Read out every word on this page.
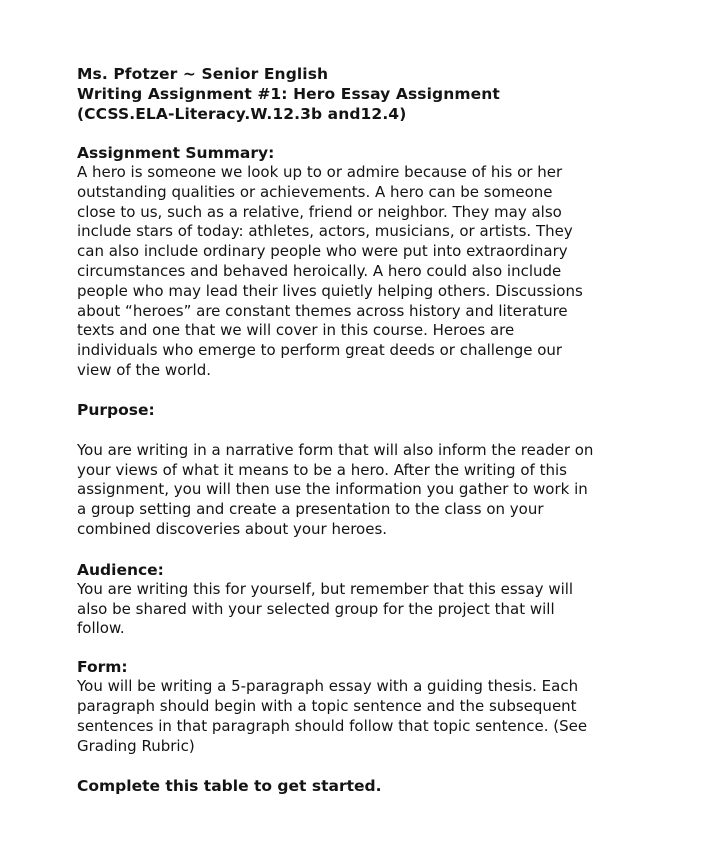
Ms. Pfotzer ~ Senior English

Writing Assignment #1: Hero Essay Assignment

(CCSS.ELA-Literacy.W.12.3b and12.4)

Assignment Summary:

A hero is someone we look up to or admire because of his or her
outstanding qualities or achievements. A hero can be someone
close to us, such as a relative, friend or neighbor. They may also
include stars of today: athletes, actors, musicians, or artists. They
can also include ordinary people who were put into extraordinary
circumstances and behaved heroically. A hero could also include
people who may lead their lives quietly helping others. Discussions
about “heroes” are constant themes across history and literature
texts and one that we will cover in this course. Heroes are
individuals who emerge to perform great deeds or challenge our
view of the world.

Purpose:

You are writing in a narrative form that will also inform the reader on
your views of what it means to be a hero. After the writing of this
assignment, you will then use the information you gather to work in
a group setting and create a presentation to the class on your
combined discoveries about your heroes.

Audience:

You are writing this for yourself, but remember that this essay will
also be shared with your selected group for the project that will
follow.

Form:

You will be writing a 5-paragraph essay with a guiding thesis. Each
paragraph should begin with a topic sentence and the subsequent
sentences in that paragraph should follow that topic sentence. (See
Grading Rubric)

Complete this table to get started.
